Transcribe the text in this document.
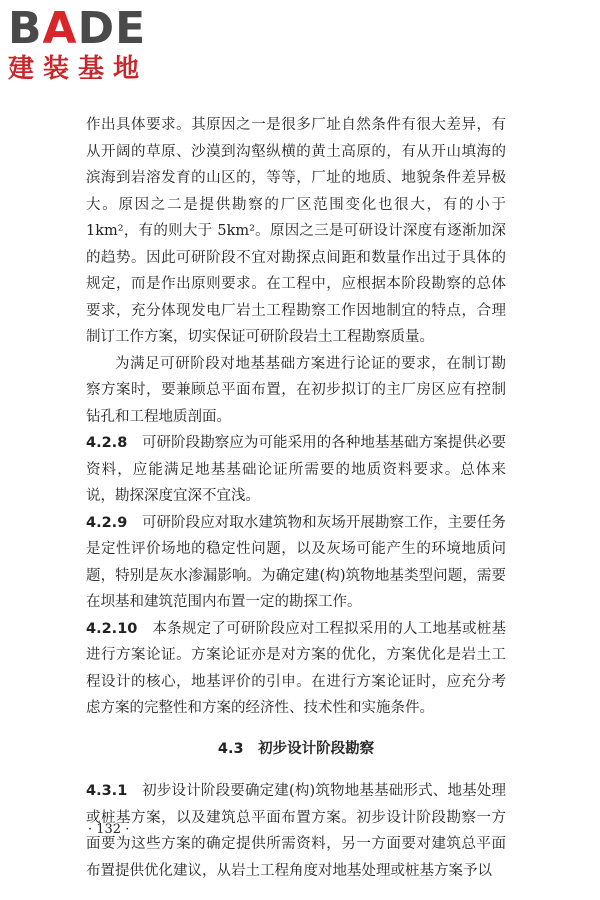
BADE
建装基地

作出具体要求。其原因之一是很多厂址自然条件有很大差异，有从开阔的草原、沙漠到沟壑纵横的黄土高原的，有从开山填海的滨海到岩溶发育的山区的，等等，厂址的地质、地貌条件差异极大。原因之二是提供勘察的厂区范围变化也很大，有的小于 1km²，有的则大于 5km²。原因之三是可研设计深度有逐渐加深的趋势。因此可研阶段不宜对勘探点间距和数量作出过于具体的规定，而是作出原则要求。在工程中，应根据本阶段勘察的总体要求，充分体现发电厂岩土工程勘察工作因地制宜的特点，合理制订工作方案，切实保证可研阶段岩土工程勘察质量。

为满足可研阶段对地基基础方案进行论证的要求，在制订勘察方案时，要兼顾总平面布置，在初步拟订的主厂房区应有控制钻孔和工程地质剖面。

4.2.8　 可研阶段勘察应为可能采用的各种地基基础方案提供必要资料，应能满足地基基础论证所需要的地质资料要求。总体来说，勘探深度宜深不宜浅。

4.2.9　 可研阶段应对取水建筑物和灰场开展勘察工作，主要任务是定性评价场地的稳定性问题，以及灰场可能产生的环境地质问题，特别是灰水渗漏影响。为确定建(构)筑物地基类型问题，需要在坝基和建筑范围内布置一定的勘探工作。

4.2.10　 本条规定了可研阶段应对工程拟采用的人工地基或桩基进行方案论证。方案论证亦是对方案的优化，方案优化是岩土工程设计的核心，地基评价的引申。在进行方案论证时，应充分考虑方案的完整性和方案的经济性、技术性和实施条件。

4.3　初步设计阶段勘察

4.3.1　 初步设计阶段要确定建(构)筑物地基基础形式、地基处理或桩基方案，以及建筑总平面布置方案。初步设计阶段勘察一方面要为这些方案的确定提供所需资料，另一方面要对建筑总平面布置提供优化建议，从岩土工程角度对地基处理或桩基方案予以

· 132 ·
